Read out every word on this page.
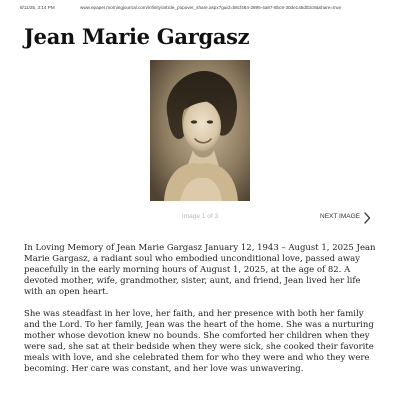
8/11/25, 3:14 PM	www.epaper.morningjournal.com/infinity/article_popover_share.aspx?guid=b8cf464-2895-4a97-8bc8-30de145d03c8&share=true
Jean Marie Gargasz
Image 1 of 3	NEXT IMAGE

In Loving Memory of Jean Marie Gargasz January 12, 1943 – August 1, 2025 Jean Marie Gargasz, a radiant soul who embodied unconditional love, passed away peacefully in the early morning hours of August 1, 2025, at the age of 82. A devoted mother, wife, grandmother, sister, aunt, and friend, Jean lived her life with an open heart.

She was steadfast in her love, her faith, and her presence with both her family and the Lord. To her family, Jean was the heart of the home. She was a nurturing mother whose devotion knew no bounds. She comforted her children when they were sad, she sat at their bedside when they were sick, she cooked their favorite meals with love, and she celebrated them for who they were and who they were becoming. Her care was constant, and her love was unwavering.
